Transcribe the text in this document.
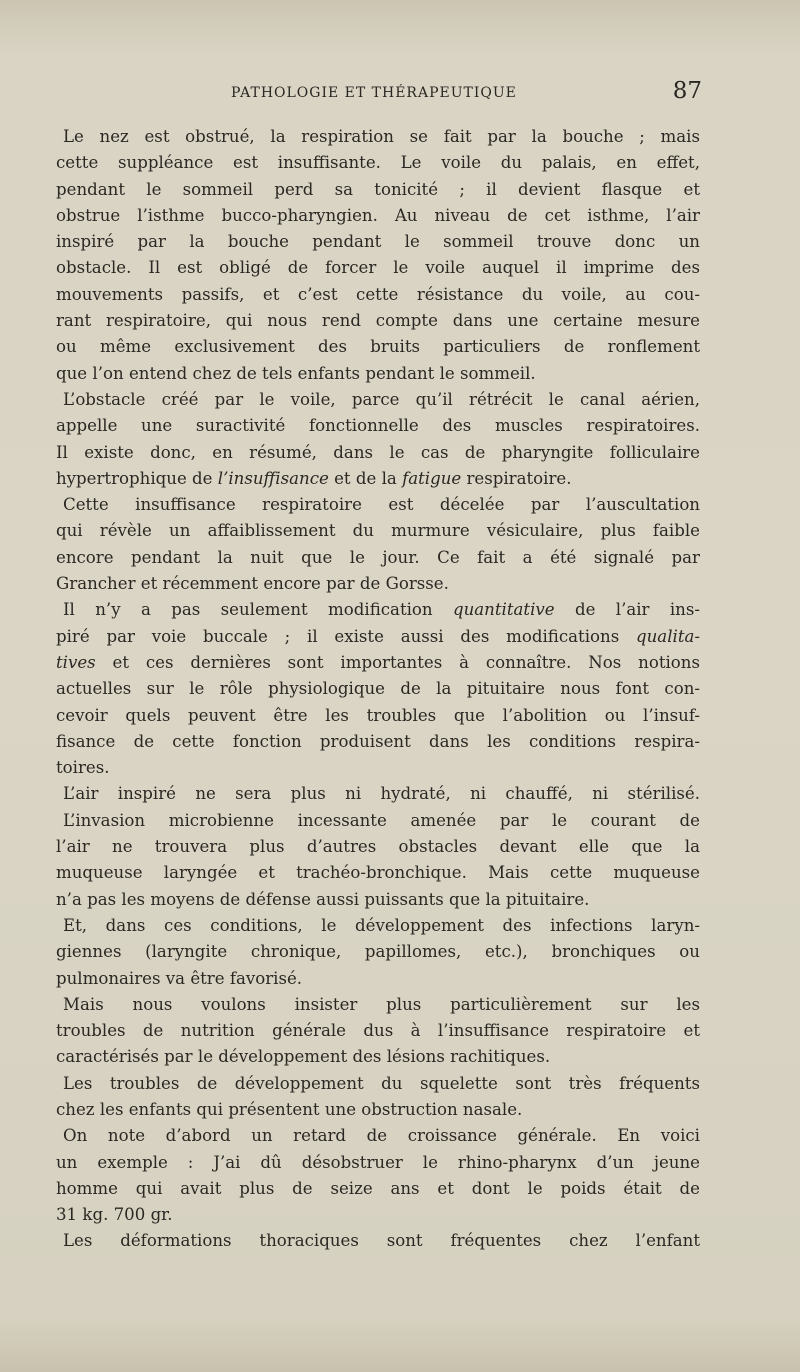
PATHOLOGIE ET THÉRAPEUTIQUE	87
Le nez est obstrué, la respiration se fait par la bouche ; mais
cette suppléance est insuffisante. Le voile du palais, en effet,
pendant le sommeil perd sa tonicité ; il devient flasque et
obstrue l’isthme bucco-pharyngien. Au niveau de cet isthme, l’air
inspiré par la bouche pendant le sommeil trouve donc un
obstacle. Il est obligé de forcer le voile auquel il imprime des
mouvements passifs, et c’est cette résistance du voile, au cou-
rant respiratoire, qui nous rend compte dans une certaine mesure
ou même exclusivement des bruits particuliers de ronflement
que l’on entend chez de tels enfants pendant le sommeil.
L’obstacle créé par le voile, parce qu’il rétrécit le canal aérien,
appelle une suractivité fonctionnelle des muscles respiratoires.
Il existe donc, en résumé, dans le cas de pharyngite folliculaire
hypertrophique de l’insuffisance et de la fatigue respiratoire.
Cette insuffisance respiratoire est décelée par l’auscultation
qui révèle un affaiblissement du murmure vésiculaire, plus faible
encore pendant la nuit que le jour. Ce fait a été signalé par
Grancher et récemment encore par de Gorsse.
Il n’y a pas seulement modification quantitative de l’air ins-
piré par voie buccale ; il existe aussi des modifications qualita-
tives et ces dernières sont importantes à connaître. Nos notions
actuelles sur le rôle physiologique de la pituitaire nous font con-
cevoir quels peuvent être les troubles que l’abolition ou l’insuf-
fisance de cette fonction produisent dans les conditions respira-
toires.
L’air inspiré ne sera plus ni hydraté, ni chauffé, ni stérilisé.
L’invasion microbienne incessante amenée par le courant de
l’air ne trouvera plus d’autres obstacles devant elle que la
muqueuse laryngée et trachéo-bronchique. Mais cette muqueuse
n’a pas les moyens de défense aussi puissants que la pituitaire.
Et, dans ces conditions, le développement des infections laryn-
giennes (laryngite chronique, papillomes, etc.), bronchiques ou
pulmonaires va être favorisé.
Mais nous voulons insister plus particulièrement sur les
troubles de nutrition générale dus à l’insuffisance respiratoire et
caractérisés par le développement des lésions rachitiques.
Les troubles de développement du squelette sont très fréquents
chez les enfants qui présentent une obstruction nasale.
On note d’abord un retard de croissance générale. En voici
un exemple : J’ai dû désobstruer le rhino-pharynx d’un jeune
homme qui avait plus de seize ans et dont le poids était de
31 kg. 700 gr.
Les déformations thoraciques sont fréquentes chez l’enfant
